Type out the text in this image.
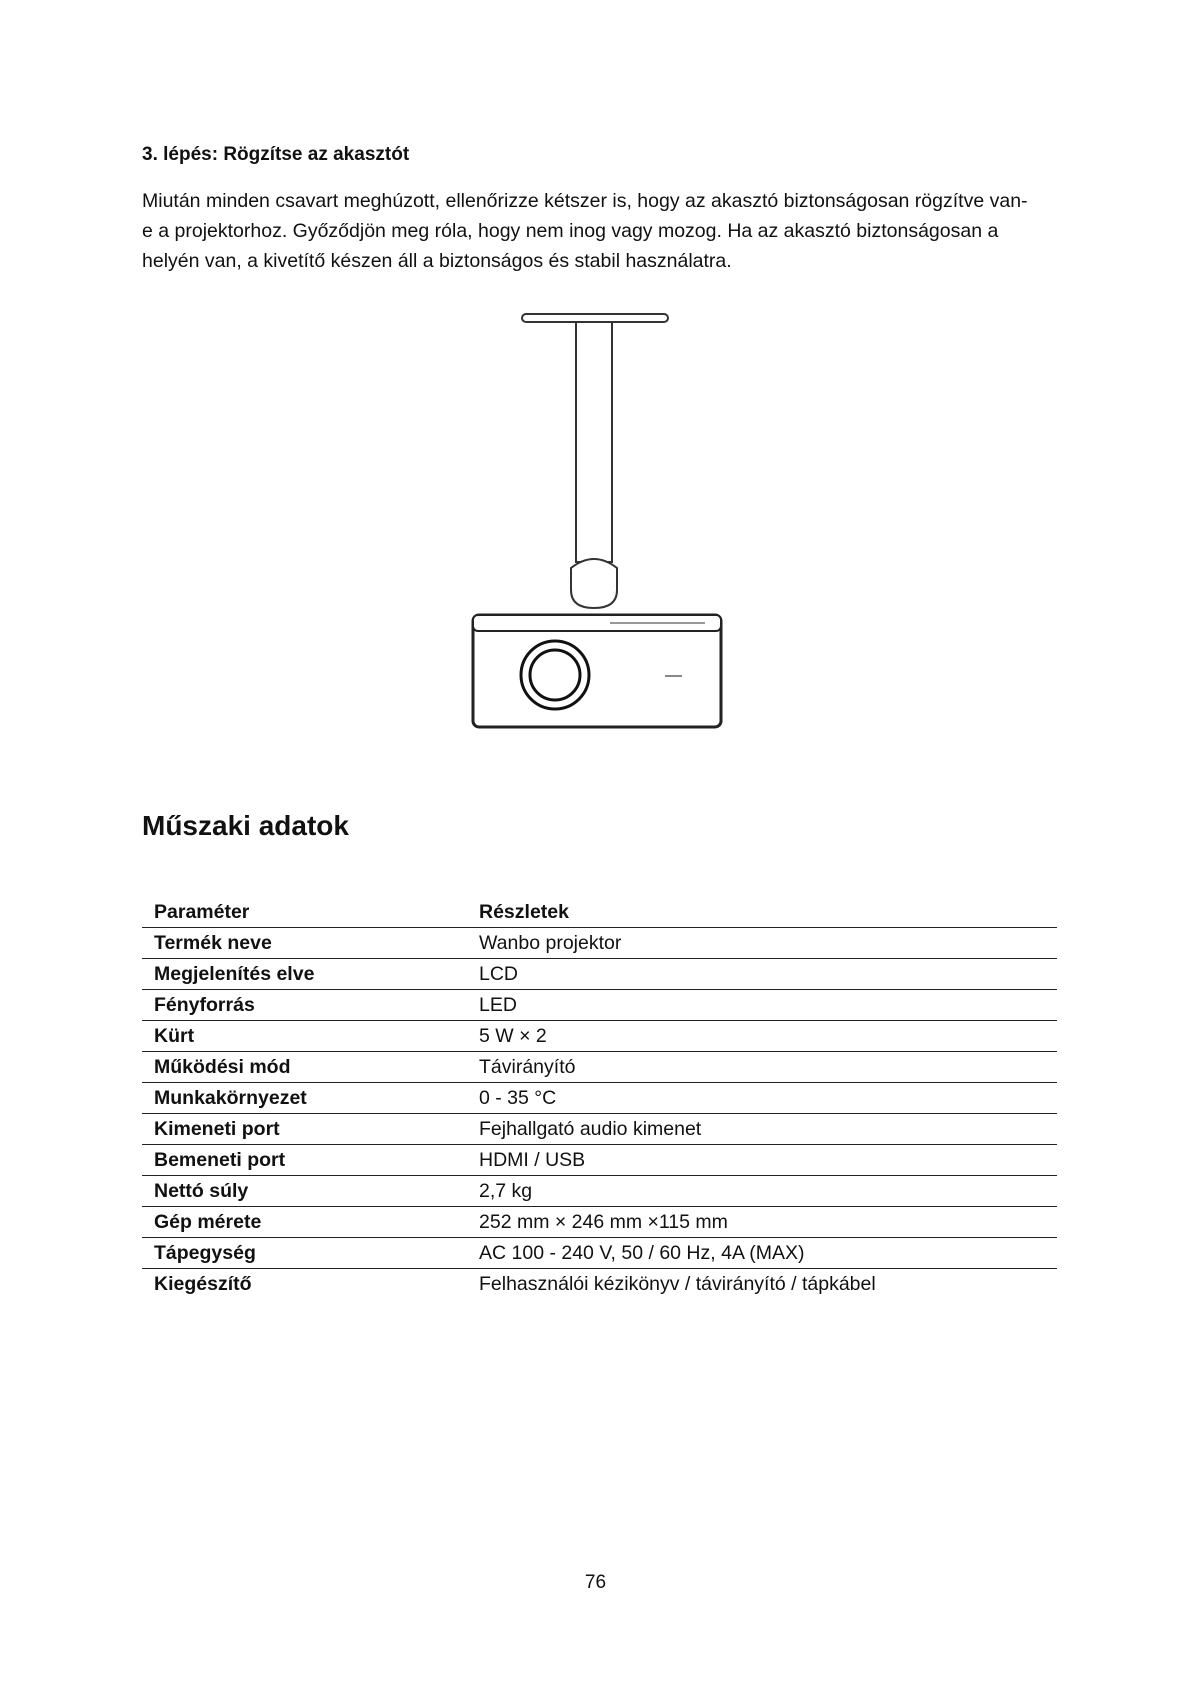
3. lépés: Rögzítse az akasztót
Miután minden csavart meghúzott, ellenőrizze kétszer is, hogy az akasztó biztonságosan rögzítve van-
e a projektorhoz. Győződjön meg róla, hogy nem inog vagy mozog. Ha az akasztó biztonságosan a
helyén van, a kivetítő készen áll a biztonságos és stabil használatra.
Műszaki adatok
Paraméter	Részletek
Termék neve	Wanbo projektor
Megjelenítés elve	LCD
Fényforrás	LED
Kürt	5 W × 2
Működési mód	Távirányító
Munkakörnyezet	0 - 35 °C
Kimeneti port	Fejhallgató audio kimenet
Bemeneti port	HDMI / USB
Nettó súly	2,7 kg
Gép mérete	252 mm × 246 mm ×115 mm
Tápegység	AC 100 - 240 V, 50 / 60 Hz, 4A (MAX)
Kiegészítő	Felhasználói kézikönyv / távirányító / tápkábel
76
